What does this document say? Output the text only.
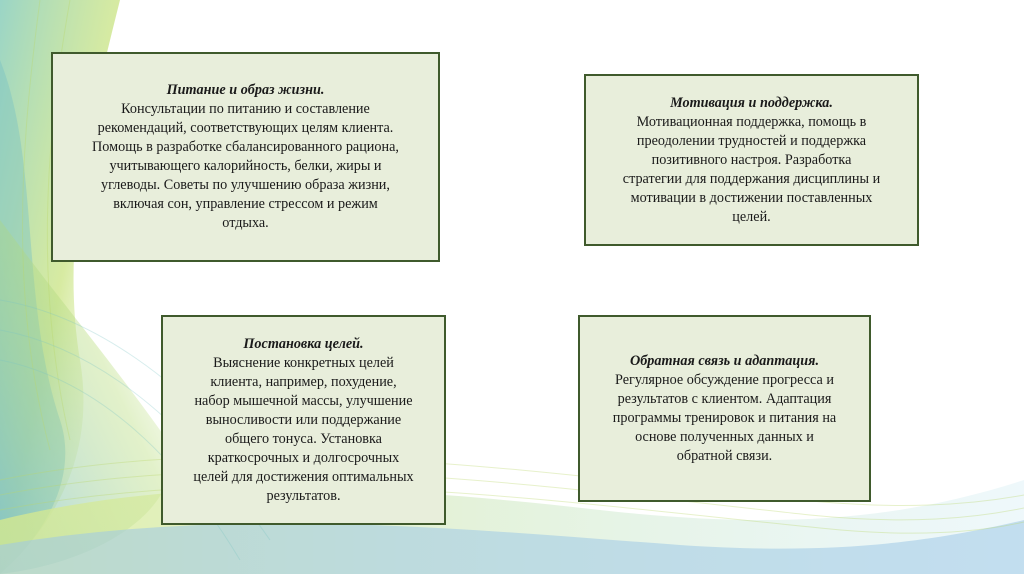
Питание и образ жизни.
Консультации по питанию и составление
рекомендаций, соответствующих целям клиента.
Помощь в разработке сбалансированного рациона,
учитывающего калорийность, белки, жиры и
углеводы. Советы по улучшению образа жизни,
включая сон, управление стрессом и режим
отдыха.
Мотивация и поддержка.
Мотивационная поддержка, помощь в
преодолении трудностей и поддержка
позитивного настроя. Разработка
стратегии для поддержания дисциплины и
мотивации в достижении поставленных
целей.
Постановка целей.
Выяснение конкретных целей
клиента, например, похудение,
набор мышечной массы, улучшение
выносливости или поддержание
общего тонуса. Установка
краткосрочных и долгосрочных
целей для достижения оптимальных
результатов.
Обратная связь и адаптация.
Регулярное обсуждение прогресса и
результатов с клиентом. Адаптация
программы тренировок и питания на
основе полученных данных и
обратной связи.
